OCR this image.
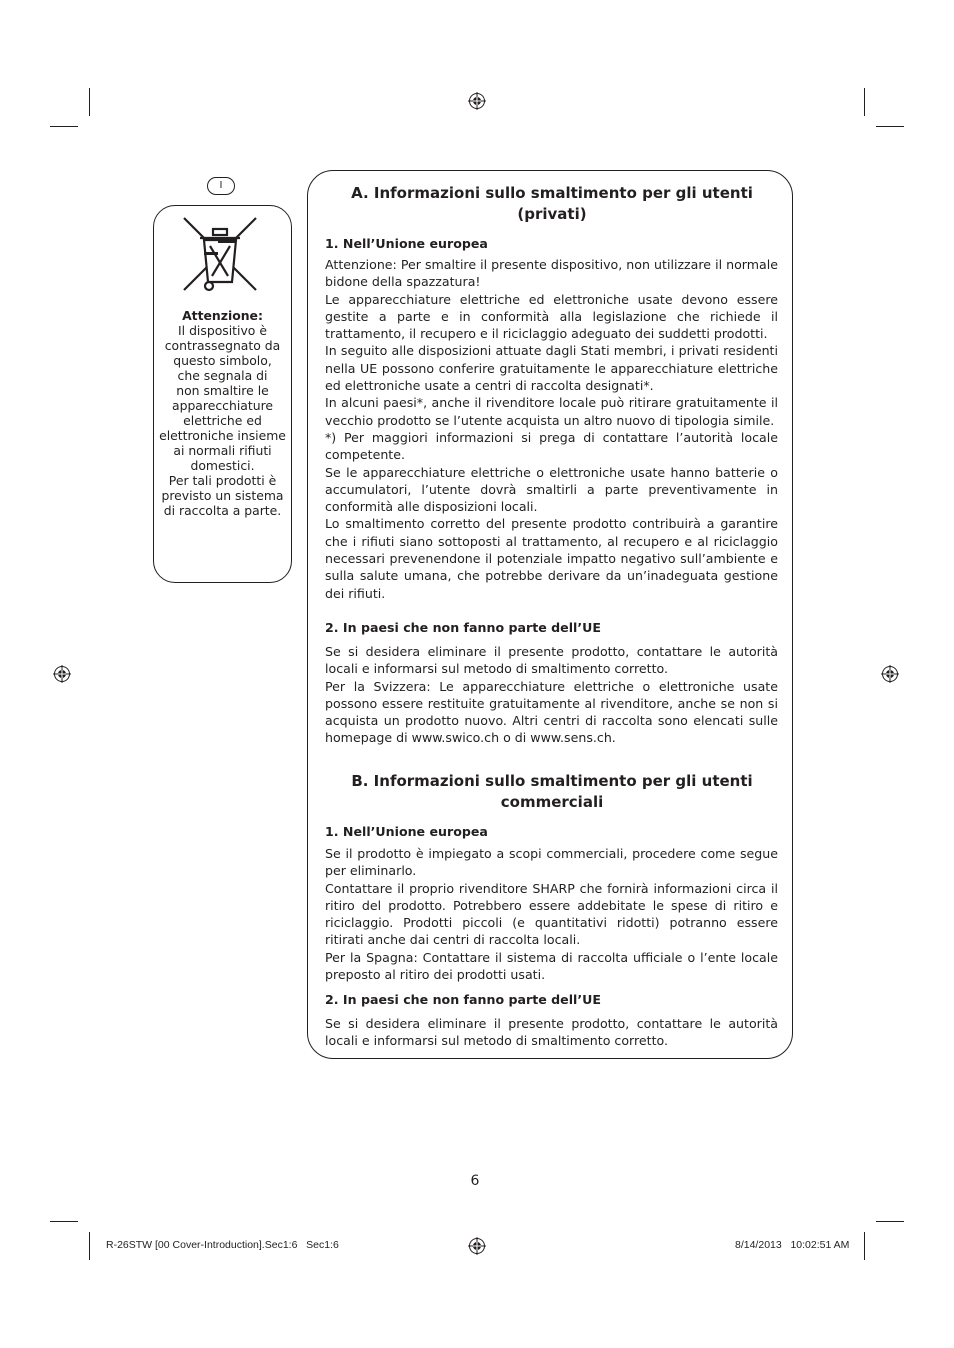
I
Attenzione:
Il dispositivo è
contrassegnato da
questo simbolo,
che segnala di
non smaltire le
apparecchiature
elettriche ed
elettroniche insieme
ai normali rifiuti
domestici.
Per tali prodotti è
previsto un sistema
di raccolta a parte.
A. Informazioni sullo smaltimento per gli utenti (privati)
1. Nell’Unione europea

Attenzione: Per smaltire il presente dispositivo, non utilizzare il normale bidone della spazzatura!

Le apparecchiature elettriche ed elettroniche usate devono essere gestite a parte e in conformità alla legislazione che richiede il trattamento, il recupero e il riciclaggio adeguato dei suddetti prodotti.

In seguito alle disposizioni attuate dagli Stati membri, i privati residenti nella UE possono conferire gratuitamente le apparecchiature elettriche ed elettroniche usate a centri di raccolta designati*.

In alcuni paesi*, anche il rivenditore locale può ritirare gratuitamente il vecchio prodotto se l’utente acquista un altro nuovo di tipologia simile.

*) Per maggiori informazioni si prega di contattare l’autorità locale competente.

Se le apparecchiature elettriche o elettroniche usate hanno batterie o accumulatori, l’utente dovrà smaltirli a parte preventivamente in conformità alle disposizioni locali.

Lo smaltimento corretto del presente prodotto contribuirà a garantire che i rifiuti siano sottoposti al trattamento, al recupero e al riciclaggio necessari prevenendone il potenziale impatto negativo sull’ambiente e sulla salute umana, che potrebbe derivare da un’inadeguata gestione dei rifiuti.

2. In paesi che non fanno parte dell’UE

Se si desidera eliminare il presente prodotto, contattare le autorità locali e informarsi sul metodo di smaltimento corretto.

Per la Svizzera: Le apparecchiature elettriche o elettroniche usate possono essere restituite gratuitamente al rivenditore, anche se non si acquista un prodotto nuovo. Altri centri di raccolta sono elencati sulle homepage di www.swico.ch o di www.sens.ch.

B. Informazioni sullo smaltimento per gli utenti commerciali
1. Nell’Unione europea

Se il prodotto è impiegato a scopi commerciali, procedere come segue per eliminarlo.

Contattare il proprio rivenditore SHARP che fornirà informazioni circa il ritiro del prodotto. Potrebbero essere addebitate le spese di ritiro e riciclaggio. Prodotti piccoli (e quantitativi ridotti) potranno essere ritirati anche dai centri di raccolta locali.

Per la Spagna: Contattare il sistema di raccolta ufficiale o l’ente locale preposto al ritiro dei prodotti usati.

2. In paesi che non fanno parte dell’UE

Se si desidera eliminare il presente prodotto, contattare le autorità locali e informarsi sul metodo di smaltimento corretto.

6
R-26STW [00 Cover-Introduction].Sec1:6   Sec1:6	8/14/2013   10:02:51 AM
